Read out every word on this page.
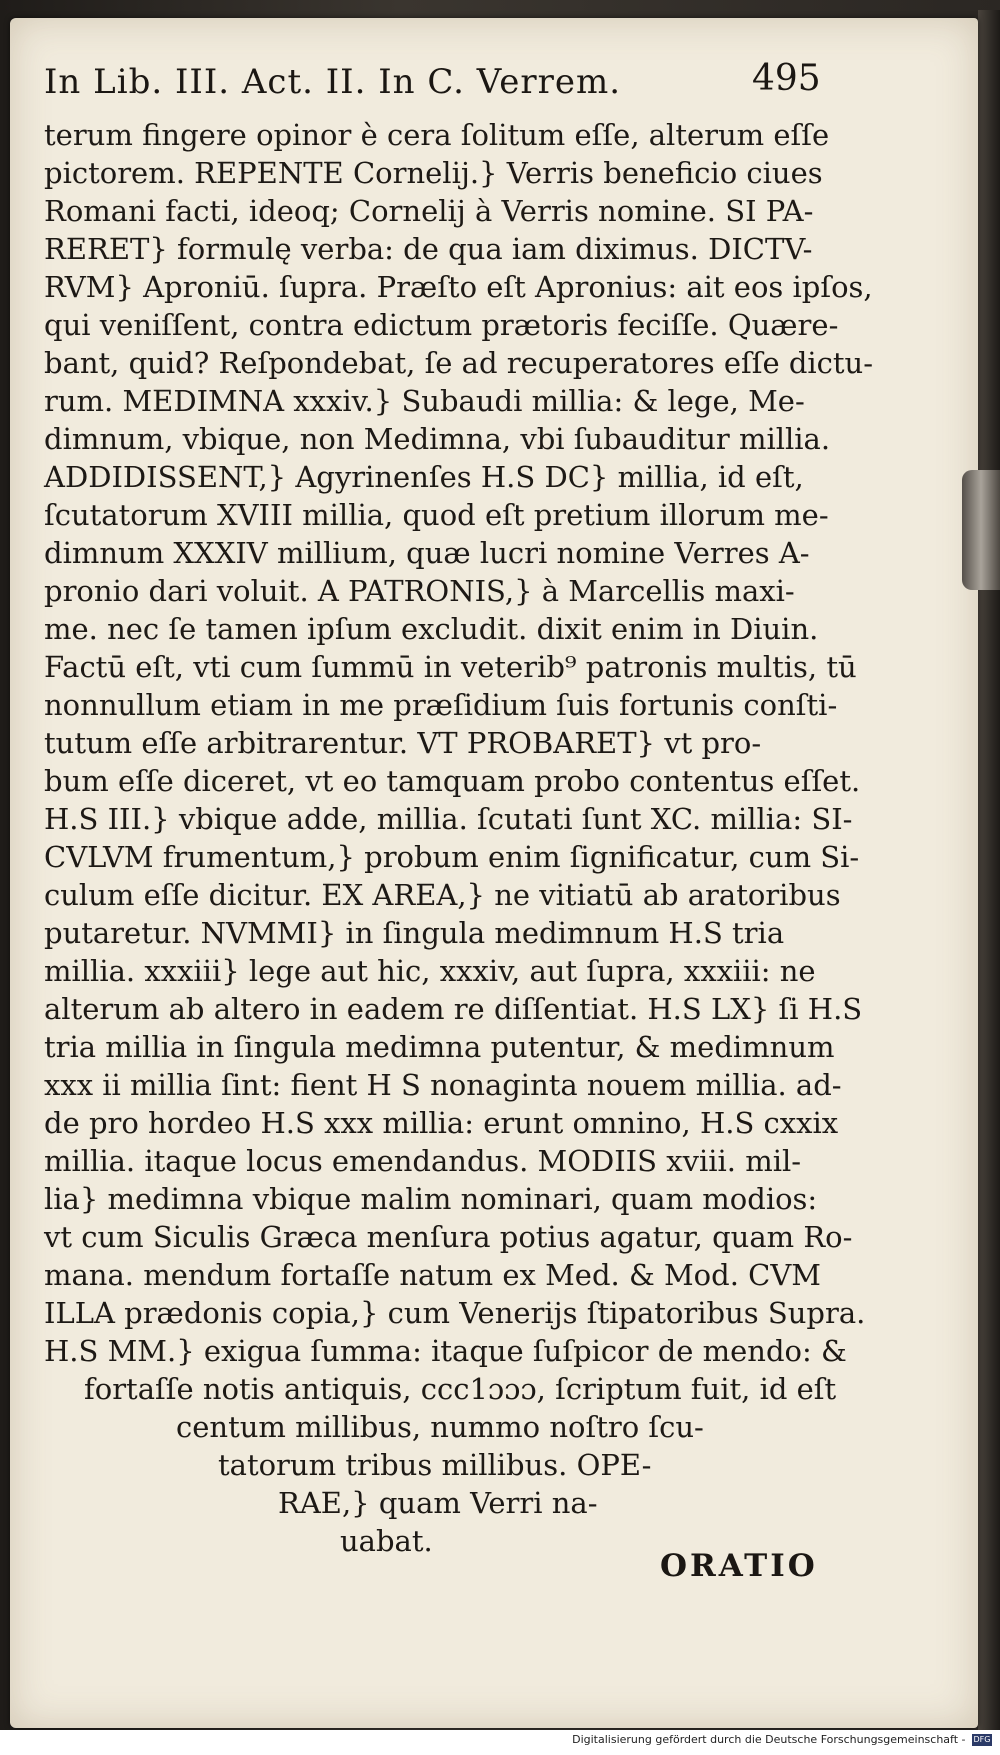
In Lib. III. Act. II. In C. Verrem.	495
terum fingere opinor è cera ſolitum eſſe, alterum eſſe
pictorem. REPENTE Cornelij.} Verris beneficio ciues
Romani facti, ideoq; Cornelij à Verris nomine. SI PA-
RERET} formulę verba: de qua iam diximus. DICTV-
RVM} Aproniū. ſupra. Præſto eſt Apronius: ait eos ipſos,
qui veniſſent, contra edictum prætoris feciſſe. Quære-
bant, quid? Reſpondebat, ſe ad recuperatores eſſe dictu-
rum. MEDIMNA xxxiv.} Subaudi millia: & lege, Me-
dimnum, vbique, non Medimna, vbi ſubauditur millia.
ADDIDISSENT,} Agyrinenſes H.S DC} millia, id eſt,
ſcutatorum XVIII millia, quod eſt pretium illorum me-
dimnum XXXIV millium, quæ lucri nomine Verres A-
pronio dari voluit. A PATRONIS,} à Marcellis maxi-
me. nec ſe tamen ipſum excludit. dixit enim in Diuin.
Factū eſt, vti cum ſummū in veterib⁹ patronis multis, tū
nonnullum etiam in me præſidium ſuis fortunis conſti-
tutum eſſe arbitrarentur. VT PROBARET} vt pro-
bum eſſe diceret, vt eo tamquam probo contentus eſſet.
H.S III.} vbique adde, millia. ſcutati ſunt XC. millia: SI-
CVLVM frumentum,} probum enim ſignificatur, cum Si-
culum eſſe dicitur. EX AREA,} ne vitiatū ab aratoribus
putaretur. NVMMI} in ſingula medimnum H.S tria
millia. xxxiii} lege aut hic, xxxiv, aut ſupra, xxxiii: ne
alterum ab altero in eadem re diſſentiat. H.S LX} ſi H.S
tria millia in ſingula medimna putentur, & medimnum
xxx ii millia ſint: fient H S nonaginta nouem millia. ad-
de pro hordeo H.S xxx millia: erunt omnino, H.S cxxix
millia. itaque locus emendandus. MODIIS xviii. mil-
lia} medimna vbique malim nominari, quam modios:
vt cum Siculis Græca menſura potius agatur, quam Ro-
mana. mendum fortaſſe natum ex Med. & Mod. CVM
ILLA prædonis copia,} cum Venerijs ſtipatoribus Supra.
H.S MM.} exigua ſumma: itaque ſuſpicor de mendo: &
fortaſſe notis antiquis, ccc1ɔɔɔ, ſcriptum fuit, id eſt
centum millibus, nummo noſtro ſcu-
tatorum tribus millibus. OPE-
RAE,} quam Verri na-
uabat.
ORATIO
Digitalisierung gefördert durch die Deutsche Forschungsgemeinschaft - DFG
